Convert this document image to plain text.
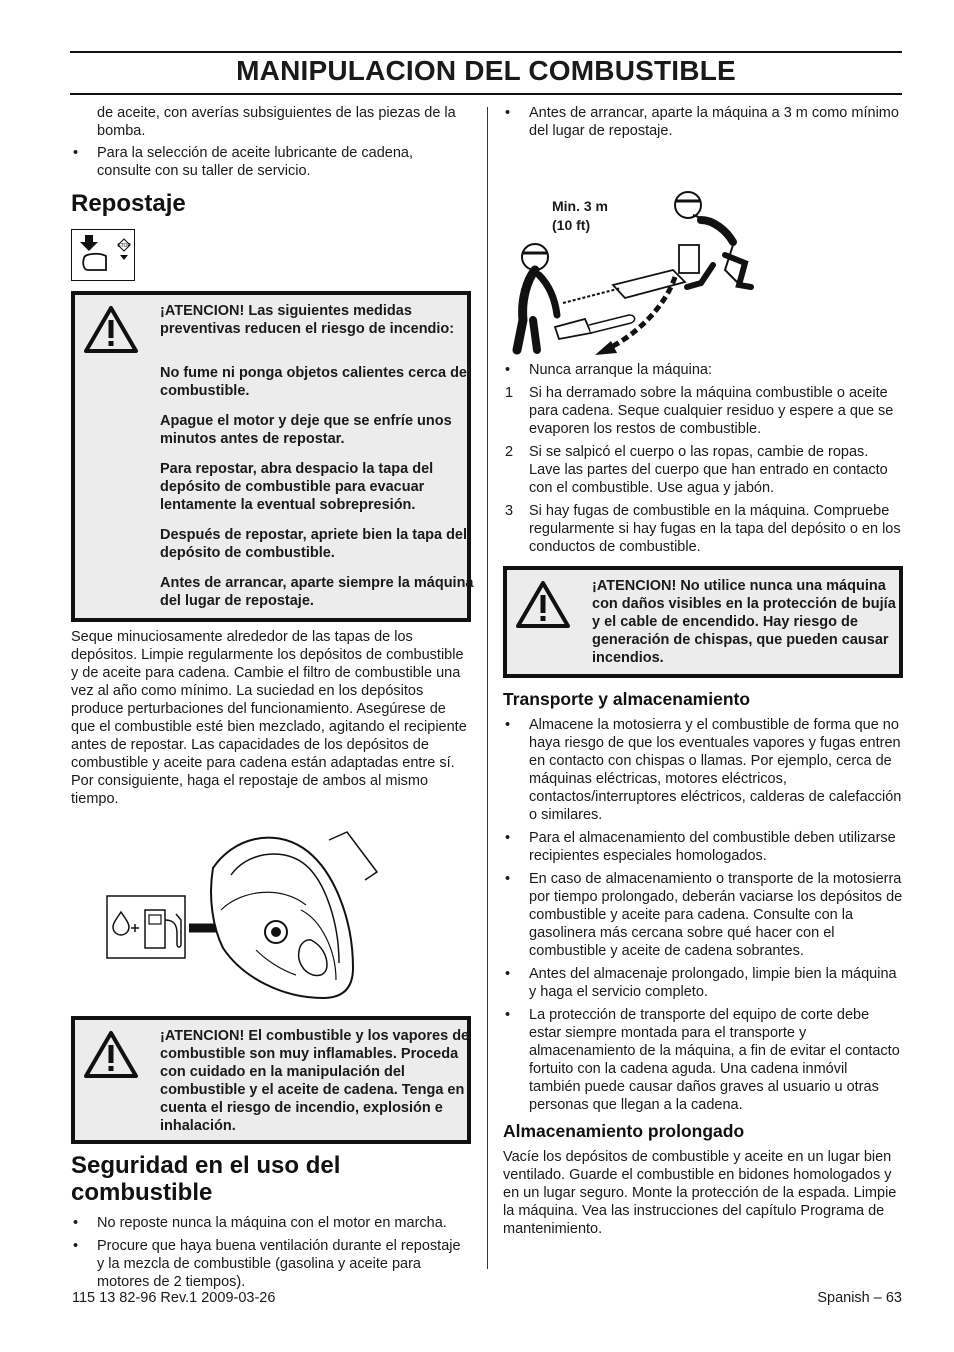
MANIPULACION DEL COMBUSTIBLE

de aceite, con averías subsiguientes de las piezas de la bomba.

• Para la selección de aceite lubricante de cadena, consulte con su taller de servicio.
Repostaje
STOP

¡ATENCION! Las siguientes medidas preventivas reducen el riesgo de incendio:

No fume ni ponga objetos calientes cerca del combustible.

Apague el motor y deje que se enfríe unos minutos antes de repostar.

Para repostar, abra despacio la tapa del depósito de combustible para evacuar lentamente la eventual sobrepresión.

Después de repostar, apriete bien la tapa del depósito de combustible.

Antes de arrancar, aparte siempre la máquina del lugar de repostaje.

Seque minuciosamente alrededor de las tapas de los depósitos. Limpie regularmente los depósitos de combustible y de aceite para cadena. Cambie el filtro de combustible una vez al año como mínimo. La suciedad en los depósitos produce perturbaciones del funcionamiento. Asegúrese de que el combustible esté bien mezclado, agitando el recipiente antes de repostar. Las capacidades de los depósitos de combustible y aceite para cadena están adaptadas entre sí. Por consiguiente, haga el repostaje de ambos al mismo tiempo.

¡ATENCION! El combustible y los vapores de combustible son muy inflamables. Proceda con cuidado en la manipulación del combustible y el aceite de cadena. Tenga en cuenta el riesgo de incendio, explosión e inhalación.

Seguridad en el uso del combustible
• No reposte nunca la máquina con el motor en marcha.
• Procure que haya buena ventilación durante el repostaje y la mezcla de combustible (gasolina y aceite para motores de 2 tiempos).
• Antes de arrancar, aparte la máquina a 3 m como mínimo del lugar de repostaje.
Min. 3 m
(10 ft)
• Nunca arranque la máquina:
1 Si ha derramado sobre la máquina combustible o aceite para cadena. Seque cualquier residuo y espere a que se evaporen los restos de combustible.
2 Si se salpicó el cuerpo o las ropas, cambie de ropas. Lave las partes del cuerpo que han entrado en contacto con el combustible. Use agua y jabón.
3 Si hay fugas de combustible en la máquina. Compruebe regularmente si hay fugas en la tapa del depósito o en los conductos de combustible.

¡ATENCION! No utilice nunca una máquina con daños visibles en la protección de bujía y el cable de encendido. Hay riesgo de generación de chispas, que pueden causar incendios.

Transporte y almacenamiento
• Almacene la motosierra y el combustible de forma que no haya riesgo de que los eventuales vapores y fugas entren en contacto con chispas o llamas. Por ejemplo, cerca de máquinas eléctricas, motores eléctricos, contactos/interruptores eléctricos, calderas de calefacción o similares.
• Para el almacenamiento del combustible deben utilizarse recipientes especiales homologados.
• En caso de almacenamiento o transporte de la motosierra por tiempo prolongado, deberán vaciarse los depósitos de combustible y aceite para cadena. Consulte con la gasolinera más cercana sobre qué hacer con el combustible y aceite de cadena sobrantes.
• Antes del almacenaje prolongado, limpie bien la máquina y haga el servicio completo.
• La protección de transporte del equipo de corte debe estar siempre montada para el transporte y almacenamiento de la máquina, a fin de evitar el contacto fortuito con la cadena aguda. Una cadena inmóvil también puede causar daños graves al usuario u otras personas que llegan a la cadena.
Almacenamiento prolongado

Vacíe los depósitos de combustible y aceite en un lugar bien ventilado. Guarde el combustible en bidones homologados y en un lugar seguro. Monte la protección de la espada. Limpie la máquina. Vea las instrucciones del capítulo Programa de mantenimiento.

115 13 82-96 Rev.1 2009-03-26	Spanish – 63
